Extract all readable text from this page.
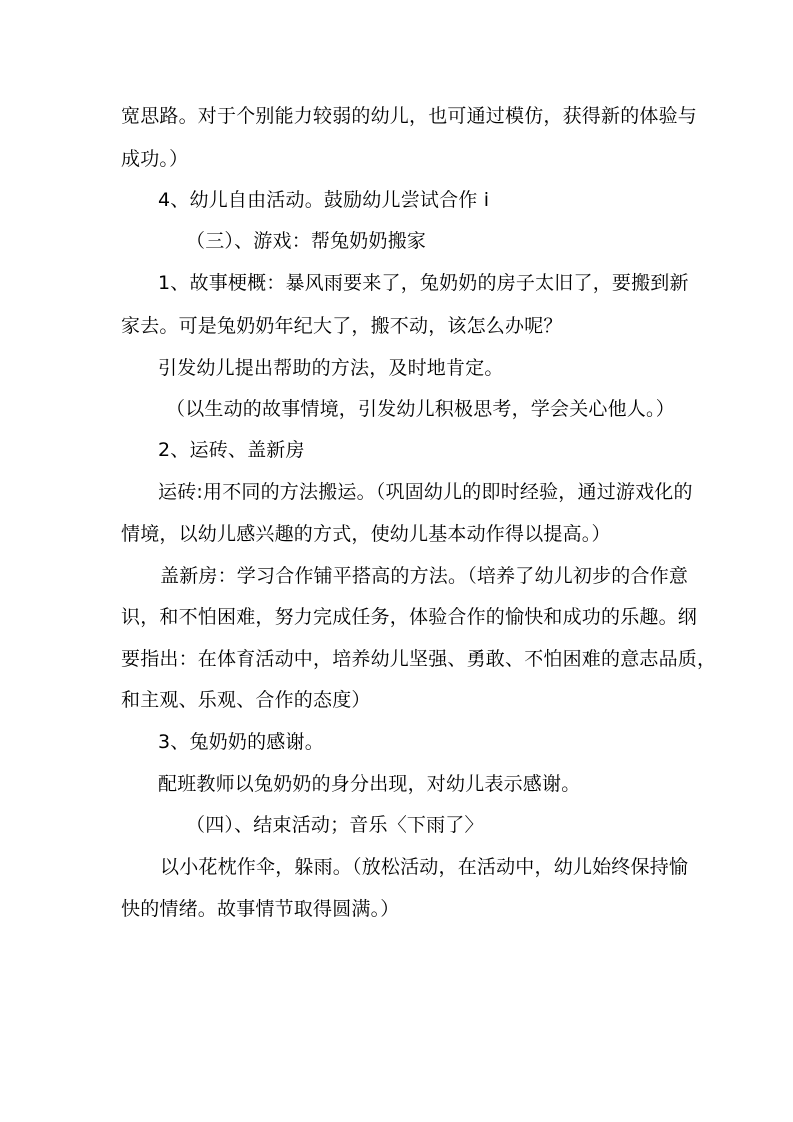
宽思路。对于个别能力较弱的幼儿，也可通过模仿，获得新的体验与
成功。）
4、幼儿自由活动。鼓励幼儿尝试合作 i
（三）、游戏：帮兔奶奶搬家
1、故事梗概：暴风雨要来了，兔奶奶的房子太旧了，要搬到新
家去。可是兔奶奶年纪大了，搬不动，该怎么办呢？
引发幼儿提出帮助的方法，及时地肯定。
（以生动的故事情境，引发幼儿积极思考，学会关心他人。）
2、运砖、盖新房
运砖:用不同的方法搬运。（巩固幼儿的即时经验，通过游戏化的
情境，以幼儿感兴趣的方式，使幼儿基本动作得以提高。）
盖新房：学习合作铺平搭高的方法。（培养了幼儿初步的合作意
识，和不怕困难，努力完成任务，体验合作的愉快和成功的乐趣。纲
要指出：在体育活动中，培养幼儿坚强、勇敢、不怕困难的意志品质，
和主观、乐观、合作的态度）
3、兔奶奶的感谢。
配班教师以兔奶奶的身分出现，对幼儿表示感谢。
（四）、结束活动；音乐〈下雨了〉
以小花枕作伞，躲雨。（放松活动，在活动中，幼儿始终保持愉
快的情绪。故事情节取得圆满。）
